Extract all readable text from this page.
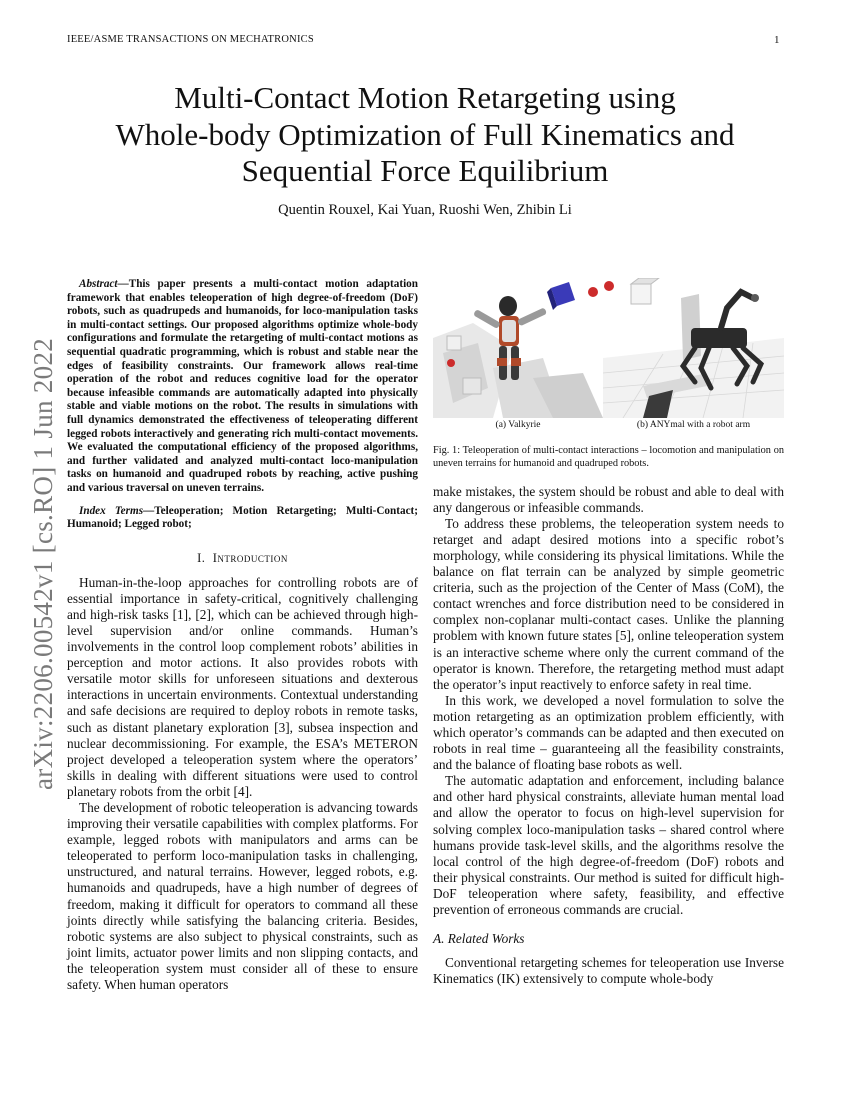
IEEE/ASME TRANSACTIONS ON MECHATRONICS	1
arXiv:2206.00542v1 [cs.RO] 1 Jun 2022
Multi-Contact Motion Retargeting using
Whole-body Optimization of Full Kinematics and
Sequential Force Equilibrium
Quentin Rouxel, Kai Yuan, Ruoshi Wen, Zhibin Li

Abstract—This paper presents a multi-contact motion adaptation framework that enables teleoperation of high degree-of-freedom (DoF) robots, such as quadrupeds and humanoids, for loco-manipulation tasks in multi-contact settings. Our proposed algorithms optimize whole-body configurations and formulate the retargeting of multi-contact motions as sequential quadratic programming, which is robust and stable near the edges of feasibility constraints. Our framework allows real-time operation of the robot and reduces cognitive load for the operator because infeasible commands are automatically adapted into physically stable and viable motions on the robot. The results in simulations with full dynamics demonstrated the effectiveness of teleoperating different legged robots interactively and generating rich multi-contact movements. We evaluated the computational efficiency of the proposed algorithms, and further validated and analyzed multi-contact loco-manipulation tasks on humanoid and quadruped robots by reaching, active pushing and various traversal on uneven terrains.

Index Terms—Teleoperation; Motion Retargeting; Multi-Contact; Humanoid; Legged robot;

I. Introduction

Human-in-the-loop approaches for controlling robots are of essential importance in safety-critical, cognitively challenging and high-risk tasks [1], [2], which can be achieved through high-level supervision and/or online commands. Human’s involvements in the control loop complement robots’ abilities in perception and motor actions. It also provides robots with versatile motor skills for unforeseen situations and dexterous interactions in uncertain environments. Contextual understanding and safe decisions are required to deploy robots in remote tasks, such as distant planetary exploration [3], subsea inspection and nuclear decommissioning. For example, the ESA’s METERON project developed a teleoperation system where the operators’ skills in dealing with different situations were used to control planetary robots from the orbit [4].

The development of robotic teleoperation is advancing towards improving their versatile capabilities with complex platforms. For example, legged robots with manipulators and arms can be teleoperated to perform loco-manipulation tasks in challenging, unstructured, and natural terrains. However, legged robots, e.g. humanoids and quadrupeds, have a high number of degrees of freedom, making it difficult for operators to command all these joints directly while satisfying the balancing criteria. Besides, robotic systems are also subject to physical constraints, such as joint limits, actuator power limits and non slipping contacts, and the teleoperation system must consider all of these to ensure safety. When human operators

(a) Valkyrie	(b) ANYmal with a robot arm

Fig. 1: Teleoperation of multi-contact interactions – locomotion and manipulation on uneven terrains for humanoid and quadruped robots.

make mistakes, the system should be robust and able to deal with any dangerous or infeasible commands.

To address these problems, the teleoperation system needs to retarget and adapt desired motions into a specific robot’s morphology, while considering its physical limitations. While the balance on flat terrain can be analyzed by simple geometric criteria, such as the projection of the Center of Mass (CoM), the contact wrenches and force distribution need to be considered in complex non-coplanar multi-contact cases. Unlike the planning problem with known future states [5], online teleoperation system is an interactive scheme where only the current command of the operator is known. Therefore, the retargeting method must adapt the operator’s input reactively to enforce safety in real time.

In this work, we developed a novel formulation to solve the motion retargeting as an optimization problem efficiently, with which operator’s commands can be adapted and then executed on robots in real time – guaranteeing all the feasibility constraints, and the balance of floating base robots as well.

The automatic adaptation and enforcement, including balance and other hard physical constraints, alleviate human mental load and allow the operator to focus on high-level supervision for solving complex loco-manipulation tasks – shared control where humans provide task-level skills, and the algorithms resolve the local control of the high degree-of-freedom (DoF) robots and their physical constraints. Our method is suited for difficult high-DoF teleoperation where safety, feasibility, and effective prevention of erroneous commands are crucial.

A. Related Works

Conventional retargeting schemes for teleoperation use Inverse Kinematics (IK) extensively to compute whole-body
